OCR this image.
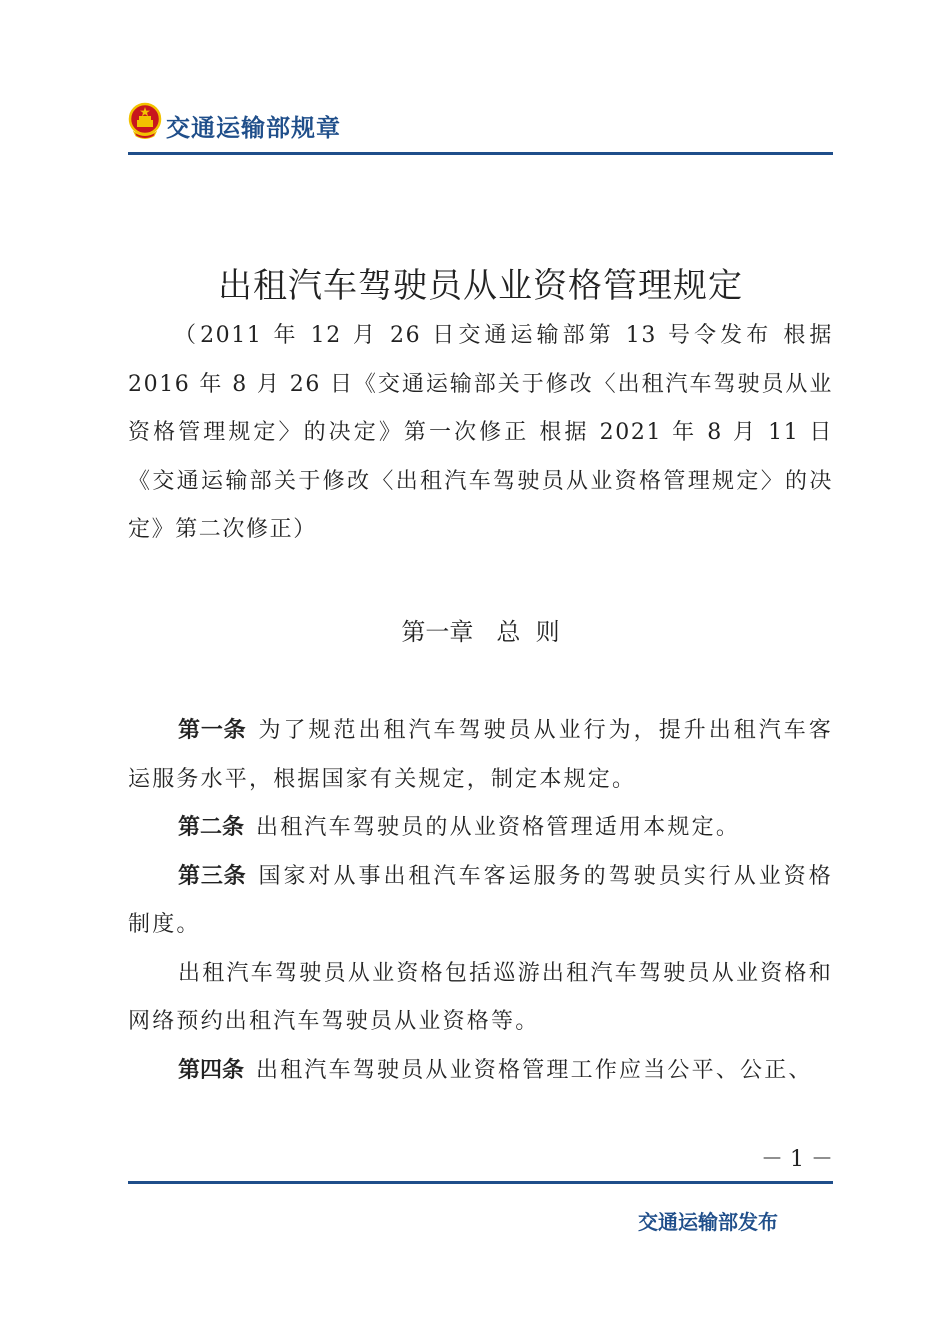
交通运输部规章
出租汽车驾驶员从业资格管理规定
（2011 年 12 月 26 日交通运输部第 13 号令发布 根据 2016 年 8 月 26 日《交通运输部关于修改〈出租汽车驾驶员从业资格管理规定〉的决定》第一次修正 根据 2021 年 8 月 11 日《交通运输部关于修改〈出租汽车驾驶员从业资格管理规定〉的决定》第二次修正）
第一章 总  则

第一条 为了规范出租汽车驾驶员从业行为，提升出租汽车客运服务水平，根据国家有关规定，制定本规定。

第二条 出租汽车驾驶员的从业资格管理适用本规定。

第三条 国家对从事出租汽车客运服务的驾驶员实行从业资格制度。

出租汽车驾驶员从业资格包括巡游出租汽车驾驶员从业资格和网络预约出租汽车驾驶员从业资格等。

第四条 出租汽车驾驶员从业资格管理工作应当公平、公正、

－ 1 －
交通运输部发布
